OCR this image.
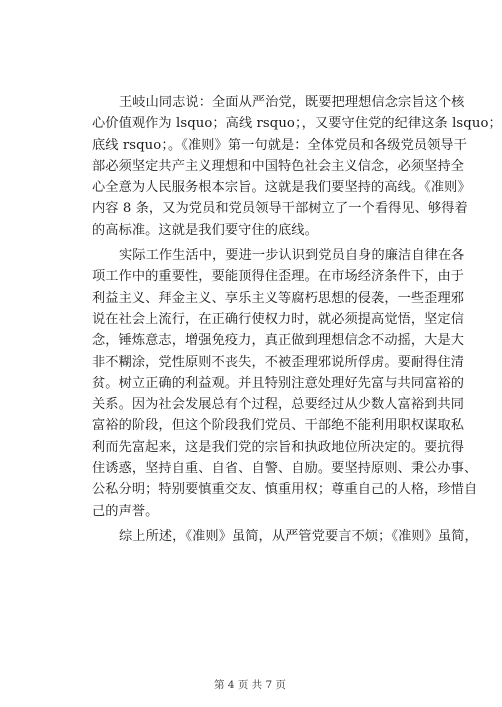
王岐山同志说：全面从严治党，既要把理想信念宗旨这个核
心价值观作为 lsquo；高线 rsquo；，又要守住党的纪律这条 lsquo；
底线 rsquo；。《准则》第一句就是：全体党员和各级党员领导干
部必须坚定共产主义理想和中国特色社会主义信念，必须坚持全
心全意为人民服务根本宗旨。这就是我们要坚持的高线。《准则》
内容 8 条，又为党员和党员领导干部树立了一个看得见、够得着
的高标准。这就是我们要守住的底线。
实际工作生活中，要进一步认识到党员自身的廉洁自律在各
项工作中的重要性，要能顶得住歪理。在市场经济条件下，由于
利益主义、拜金主义、享乐主义等腐朽思想的侵袭，一些歪理邪
说在社会上流行，在正确行使权力时，就必须提高觉悟，坚定信
念，锤炼意志，增强免疫力，真正做到理想信念不动摇，大是大
非不糊涂，党性原则不丧失，不被歪理邪说所俘虏。要耐得住清
贫。树立正确的利益观。并且特别注意处理好先富与共同富裕的
关系。因为社会发展总有个过程，总要经过从少数人富裕到共同
富裕的阶段，但这个阶段我们党员、干部绝不能利用职权谋取私
利而先富起来，这是我们党的宗旨和执政地位所决定的。要抗得
住诱惑，坚持自重、自省、自警、自励。要坚持原则、秉公办事、
公私分明；特别要慎重交友、慎重用权；尊重自己的人格，珍惜自
己的声誉。
综上所述，《准则》虽简，从严管党要言不烦；《准则》虽简，
第 4 页 共 7 页
